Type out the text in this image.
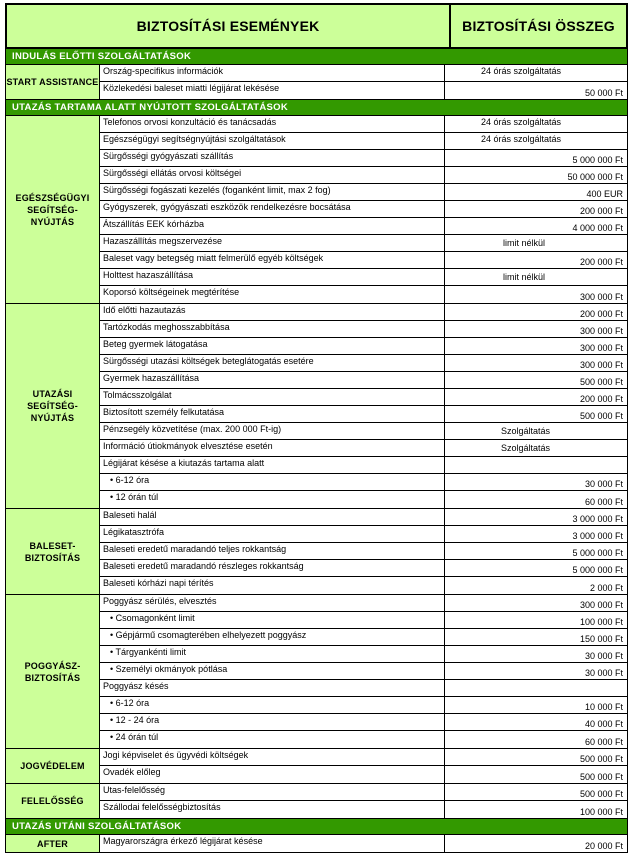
BIZTOSÍTÁSI ESEMÉNYEK	BIZTOSÍTÁSI ÖSSZEG
INDULÁS ELŐTTI SZOLGÁLTATÁSOK
START ASSISTANCE
Ország-specifikus információk	24 órás szolgáltatás
Közlekedési baleset miatti légijárat lekésése	50 000 Ft
UTAZÁS TARTAMA ALATT NYÚJTOTT SZOLGÁLTATÁSOK
EGÉSZSÉGÜGYI SEGÍTSÉG-NYÚJTÁS
Telefonos orvosi konzultáció és tanácsadás	24 órás szolgáltatás
Egészségügyi segítségnyújtási szolgáltatások	24 órás szolgáltatás
Sürgősségi gyógyászati szállítás	5 000 000 Ft
Sürgősségi ellátás orvosi költségei	50 000 000 Ft
Sürgősségi fogászati kezelés (foganként limit, max 2 fog)	400 EUR
Gyógyszerek, gyógyászati eszközök rendelkezésre bocsátása	200 000 Ft
Átszállítás EEK kórházba	4 000 000 Ft
Hazaszállítás megszervezése	limit nélkül
Baleset vagy betegség miatt felmerülő egyéb költségek	200 000 Ft
Holttest hazaszállítása	limit nélkül
Koporsó költségeinek megtérítése	300 000 Ft
UTAZÁSI SEGÍTSÉG-NYÚJTÁS
Idő előtti hazautazás	200 000 Ft
Tartózkodás meghosszabbítása	300 000 Ft
Beteg gyermek látogatása	300 000 Ft
Sürgősségi utazási költségek beteglátogatás esetére	300 000 Ft
Gyermek hazaszállítása	500 000 Ft
Tolmácsszolgálat	200 000 Ft
Biztosított személy felkutatása	500 000 Ft
Pénzsegély közvetítése (max. 200 000 Ft-ig)	Szolgáltatás
Információ útiokmányok elvesztése esetén	Szolgáltatás
Légijárat késése a kiutazás tartama alatt
• 6-12 óra	30 000 Ft
• 12 órán túl	60 000 Ft
BALESET-BIZTOSÍTÁS
Baleseti halál	3 000 000 Ft
Légikatasztrófa	3 000 000 Ft
Baleseti eredetű maradandó teljes rokkantság	5 000 000 Ft
Baleseti eredetű maradandó részleges rokkantság	5 000 000 Ft
Baleseti kórházi napi térítés	2 000 Ft
POGGYÁSZ-BIZTOSÍTÁS
Poggyász sérülés, elvesztés	300 000 Ft
• Csomagonként limit	100 000 Ft
• Gépjármű csomagterében elhelyezett poggyász	150 000 Ft
• Tárgyankénti limit	30 000 Ft
• Személyi okmányok pótlása	30 000 Ft
Poggyász késés
• 6-12 óra	10 000 Ft
• 12 - 24 óra	40 000 Ft
• 24 órán túl	60 000 Ft
JOGVÉDELEM
Jogi képviselet és ügyvédi költségek	500 000 Ft
Ovadék előleg	500 000 Ft
FELELŐSSÉG
Utas-felelősség	500 000 Ft
Szállodai felelősségbiztosítás	100 000 Ft
UTAZÁS UTÁNI SZOLGÁLTATÁSOK
AFTER	Magyarországra érkező légijárat késése	20 000 Ft
